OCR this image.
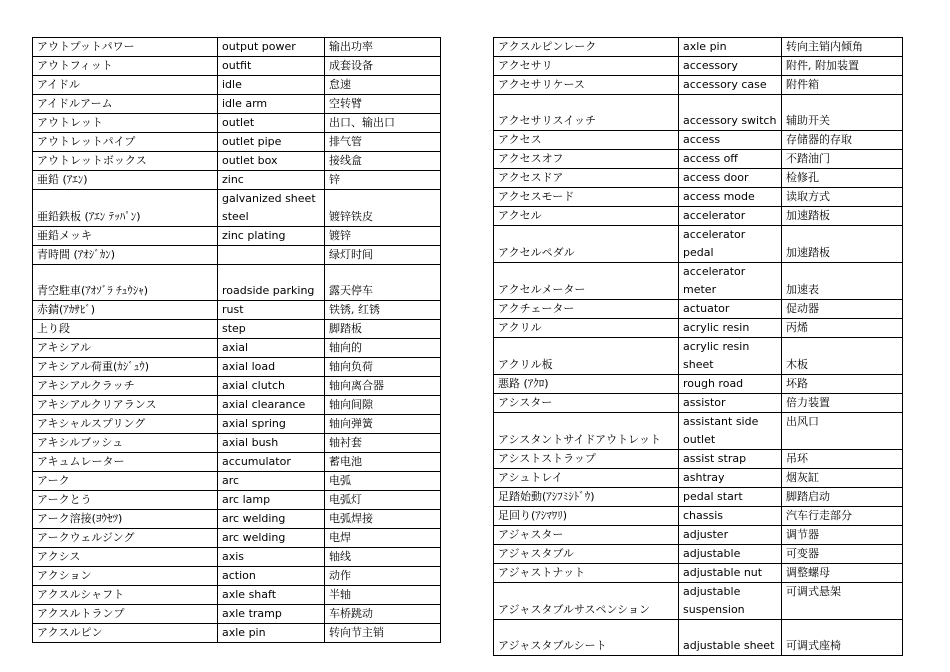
アウトプットパワー	output power	输出功率
アウトフィット	outfit	成套设备
アイドル	idle	怠速
アイドルアーム	idle arm	空转臂
アウトレット	outlet	出口、输出口
アウトレットパイプ	outlet pipe	排气管
アウトレットボックス	outlet box	接线盒
亜鉛 (ｱｴﾝ)	zinc	锌
亜鉛鉄板 (ｱｴﾝ ﾃｯﾊﾟﾝ)	galvanized sheet steel	镀锌铁皮
亜鉛メッキ	zinc plating	镀锌
青時間 (ｱｵｼﾞｶﾝ)		绿灯时间
青空駐車(ｱｵｿﾞﾗ ﾁｭｳｼｬ)	roadside parking	露天停车
赤錆(ｱｶｻﾋﾞ)	rust	铁锈, 红锈
上り段	step	脚踏板
アキシアル	axial	轴向的
アキシアル荷重(ｶｼﾞｭｳ)	axial load	轴向负荷
アキシアルクラッチ	axial clutch	轴向离合器
アキシアルクリアランス	axial clearance	轴向间隙
アキシャルスプリング	axial spring	轴向弹簧
アキシルブッシュ	axial bush	轴衬套
アキュムレーター	accumulator	蓄电池
アーク	arc	电弧
アークとう	arc lamp	电弧灯
アーク溶接(ﾖｳｾﾂ)	arc welding	电弧焊接
アークウェルジング	arc welding	电焊
アクシス	axis	轴线
アクション	action	动作
アクスルシャフト	axle shaft	半轴
アクスルトランプ	axle tramp	车桥跳动
アクスルピン	axle pin	转向节主销
アクスルピンレーク	axle pin	转向主销内倾角
アクセサリ	accessory	附件, 附加装置
アクセサリケース	accessory case	附件箱
アクセサリスイッチ	accessory switch	辅助开关
アクセス	access	存储器的存取
アクセスオフ	access off	不踏油门
アクセスドア	access door	检修孔
アクセスモード	access mode	读取方式
アクセル	accelerator	加速踏板
アクセルペダル	accelerator pedal	加速踏板
アクセルメーター	accelerator meter	加速表
アクチェーター	actuator	促动器
アクリル	acrylic resin	丙烯
アクリル板	acrylic resin sheet	木板
悪路 (ｱｸﾛ)	rough road	坏路
アシスター	assistor	倍力装置
アシスタントサイドアウトレット	assistant side outlet	出风口
アシストストラップ	assist strap	吊环
アシュトレイ	ashtray	烟灰缸
足踏始動(ｱｼﾌﾐｼﾄﾞｳ)	pedal start	脚踏启动
足回り(ｱｼﾏﾜﾘ)	chassis	汽车行走部分
アジャスター	adjuster	调节器
アジャスタブル	adjustable	可变器
アジャストナット	adjustable nut	调整螺母
アジャスタブルサスペンション	adjustable suspension	可调式悬架
アジャスタブルシート	adjustable sheet	可调式座椅
